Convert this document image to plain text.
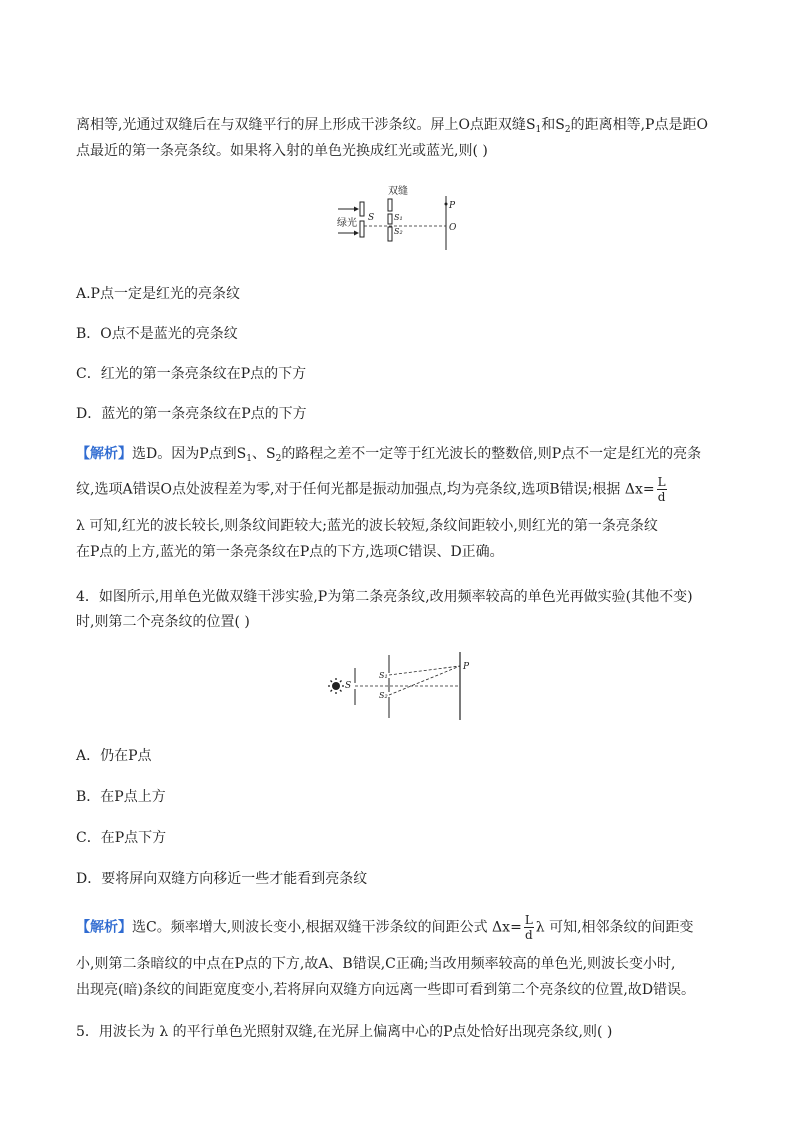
离相等,光通过双缝后在与双缝平行的屏上形成干涉条纹。屏上O点距双缝$S_1$和$S_2$的距离相等,P点是距O
点最近的第一条亮条纹。如果将入射的单色光换成红光或蓝光,则( )
双缝
绿光 S S₁
S₂
P
O
A.P点一定是红光的亮条纹
B．O点不是蓝光的亮条纹
C．红光的第一条亮条纹在P点的下方
D．蓝光的第一条亮条纹在P点的下方
【解析】选D。因为P点到$S_1$、$S_2$的路程之差不一定等于红光波长的整数倍,则P点不一定是红光的亮条
纹,选项A错误O点处波程差为零,对于任何光都是振动加强点,均为亮条纹,选项B错误;根据 $\Delta x= \frac{L}{d}$
λ 可知,红光的波长较长,则条纹间距较大;蓝光的波长较短,条纹间距较小,则红光的第一条亮条纹
在P点的上方,蓝光的第一条亮条纹在P点的下方,选项C错误、D正确。
4．如图所示,用单色光做双缝干涉实验,P为第二条亮条纹,改用频率较高的单色光再做实验(其他不变)
时,则第二个亮条纹的位置( )
S
S₁
S₂
P
A．仍在P点
B．在P点上方
C．在P点下方
D．要将屏向双缝方向移近一些才能看到亮条纹
【解析】选C。频率增大,则波长变小,根据双缝干涉条纹的间距公式 $\Delta x= \frac{L}{d}$ λ 可知,相邻条纹的间距变
小,则第二条暗纹的中点在P点的下方,故A、B错误,C正确;当改用频率较高的单色光,则波长变小时,
出现亮(暗)条纹的间距宽度变小,若将屏向双缝方向远离一些即可看到第二个亮条纹的位置,故D错误。
5．用波长为 λ 的平行单色光照射双缝,在光屏上偏离中心的P点处恰好出现亮条纹,则( )
